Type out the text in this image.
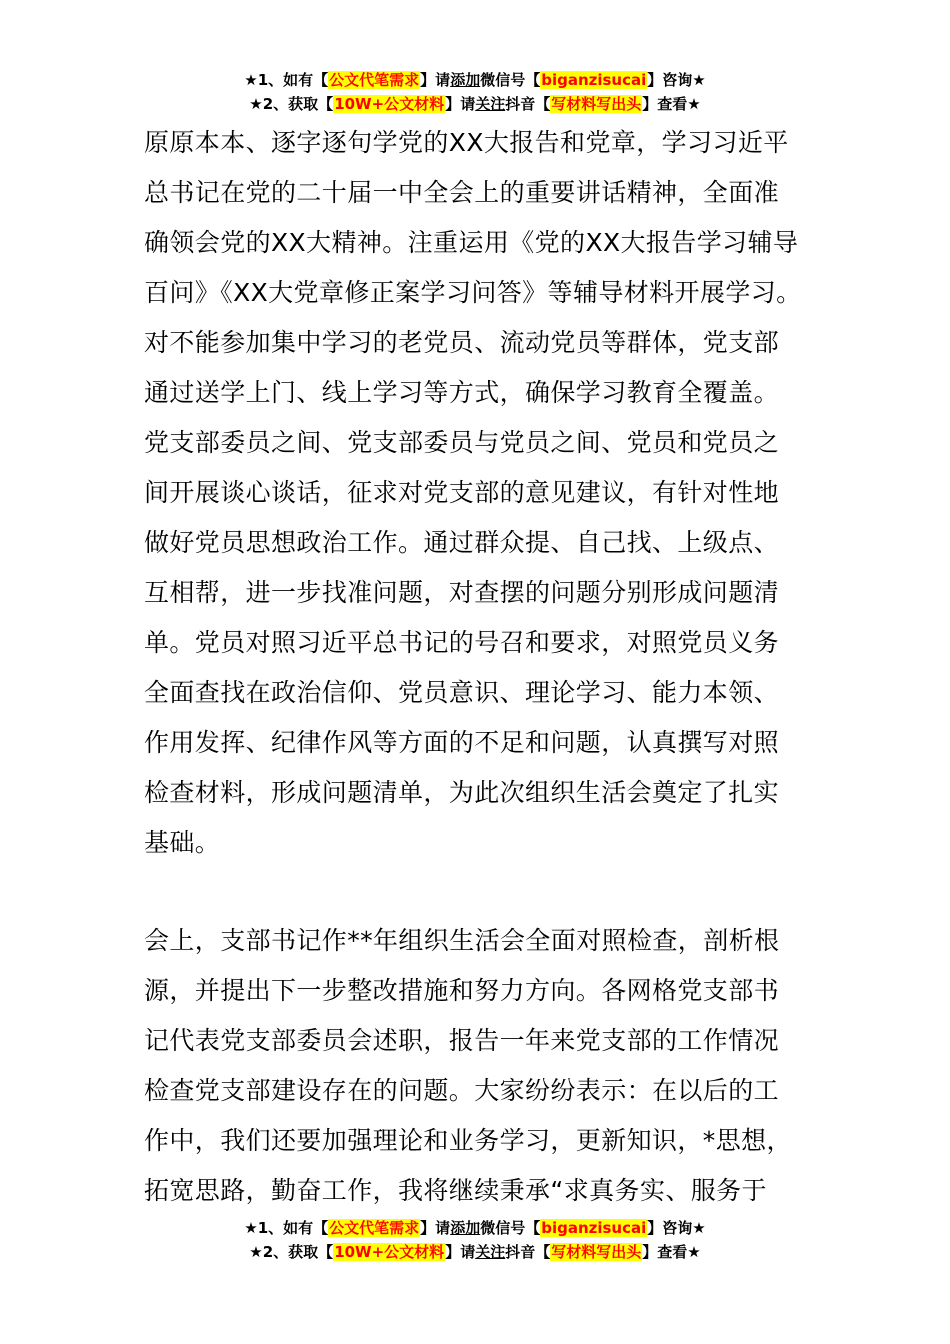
★1、如有【公文代笔需求】请添加微信号【biganzisucai】咨询★
★2、获取【10W+公文材料】请关注抖音【写材料写出头】查看★
原原本本、逐字逐句学党的XX大报告和党章，学习习近平
总书记在党的二十届一中全会上的重要讲话精神，全面准
确领会党的XX大精神。注重运用《党的XX大报告学习辅导
百问》《XX大党章修正案学习问答》等辅导材料开展学习。
对不能参加集中学习的老党员、流动党员等群体，党支部
通过送学上门、线上学习等方式，确保学习教育全覆盖。
党支部委员之间、党支部委员与党员之间、党员和党员之
间开展谈心谈话，征求对党支部的意见建议，有针对性地
做好党员思想政治工作。通过群众提、自己找、上级点、
互相帮，进一步找准问题，对查摆的问题分别形成问题清
单。党员对照习近平总书记的号召和要求，对照党员义务
全面查找在政治信仰、党员意识、理论学习、能力本领、
作用发挥、纪律作风等方面的不足和问题，认真撰写对照
检查材料，形成问题清单，为此次组织生活会奠定了扎实
基础。
会上，支部书记作**年组织生活会全面对照检查，剖析根
源，并提出下一步整改措施和努力方向。各网格党支部书
记代表党支部委员会述职，报告一年来党支部的工作情况
检查党支部建设存在的问题。大家纷纷表示：在以后的工
作中，我们还要加强理论和业务学习，更新知识，*思想，
拓宽思路，勤奋工作，我将继续秉承“求真务实、服务于
★1、如有【公文代笔需求】请添加微信号【biganzisucai】咨询★
★2、获取【10W+公文材料】请关注抖音【写材料写出头】查看★
